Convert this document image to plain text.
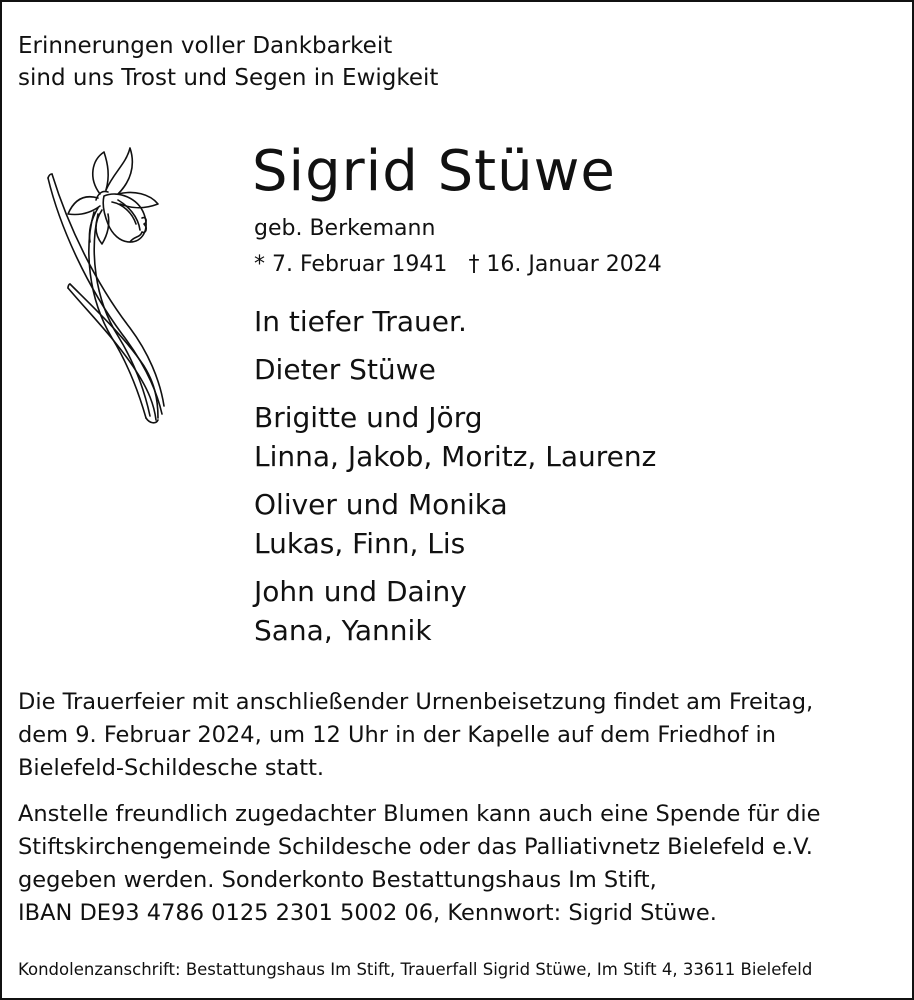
Erinnerungen voller Dankbarkeit
sind uns Trost und Segen in Ewigkeit
Sigrid Stüwe
geb. Berkemann
* 7. Februar 1941 † 16. Januar 2024
In tiefer Trauer.
Dieter Stüwe
Brigitte und Jörg
Linna, Jakob, Moritz, Laurenz
Oliver und Monika
Lukas, Finn, Lis
John und Dainy
Sana, Yannik
Die Trauerfeier mit anschließender Urnenbeisetzung findet am Freitag,
dem 9. Februar 2024, um 12 Uhr in der Kapelle auf dem Friedhof in
Bielefeld-Schildesche statt.
Anstelle freundlich zugedachter Blumen kann auch eine Spende für die
Stiftskirchengemeinde Schildesche oder das Palliativnetz Bielefeld e.V.
gegeben werden. Sonderkonto Bestattungshaus Im Stift,
IBAN DE93 4786 0125 2301 5002 06, Kennwort: Sigrid Stüwe.
Kondolenzanschrift: Bestattungshaus Im Stift, Trauerfall Sigrid Stüwe, Im Stift 4, 33611 Bielefeld
